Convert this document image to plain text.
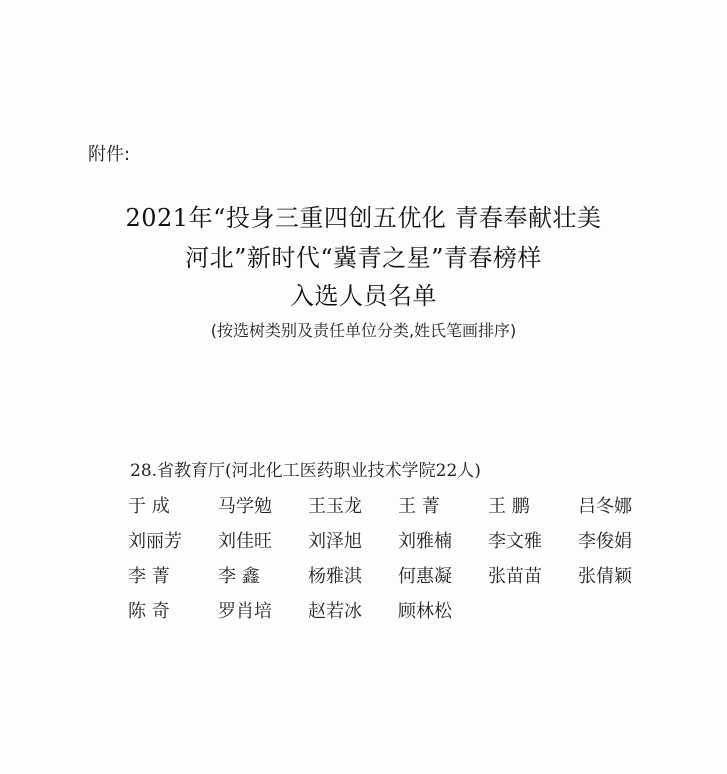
附件:
2021年“投身三重四创五优化 青春奉献壮美
河北”新时代“冀青之星”青春榜样
入选人员名单
(按选树类别及责任单位分类,姓氏笔画排序)
28.省教育厅(河北化工医药职业技术学院22人)
于 成	马学勉	王玉龙	王 菁	王 鹏	吕冬娜
刘丽芳	刘佳旺	刘泽旭	刘雅楠	李文雅	李俊娟
李 菁	李 鑫	杨雅淇	何惠凝	张苗苗	张倩颖
陈 奇	罗肖培	赵若冰	顾林松
